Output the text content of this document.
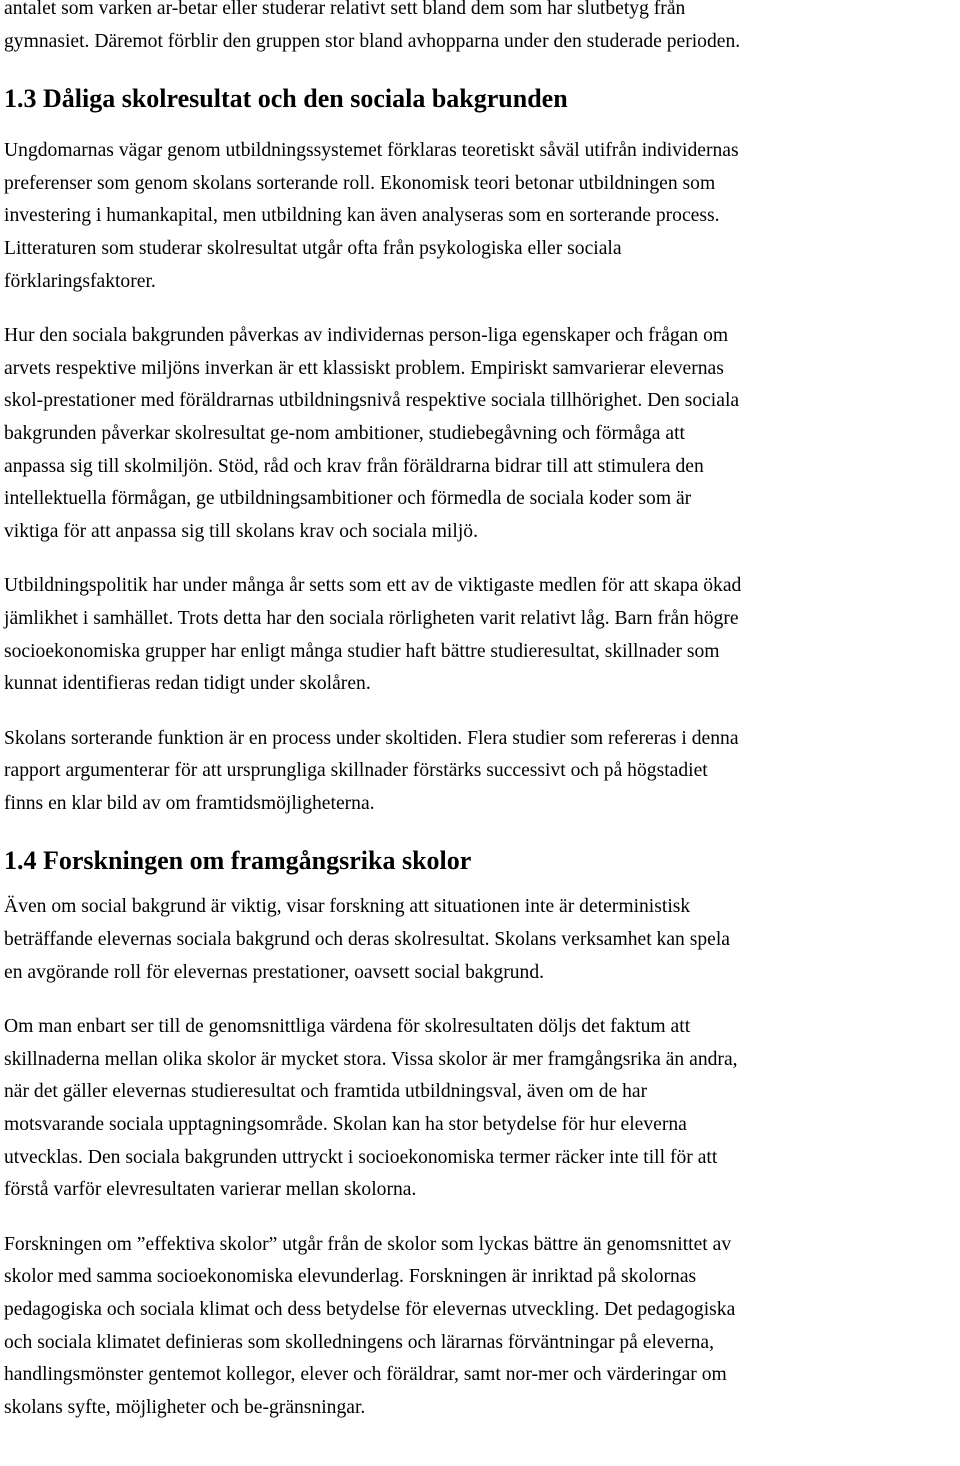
antalet som varken ar-betar eller studerar relativt sett bland dem som har slutbetyg från
gymnasiet. Däremot förblir den gruppen stor bland avhopparna under den studerade perioden.

1.3 Dåliga skolresultat och den sociala bakgrunden

Ungdomarnas vägar genom utbildningssystemet förklaras teoretiskt såväl utifrån individernas
preferenser som genom skolans sorterande roll. Ekonomisk teori betonar utbildningen som
investering i humankapital, men utbildning kan även analyseras som en sorterande process.
Litteraturen som studerar skolresultat utgår ofta från psykologiska eller sociala
förklaringsfaktorer.

Hur den sociala bakgrunden påverkas av individernas person-liga egenskaper och frågan om
arvets respektive miljöns inverkan är ett klassiskt problem. Empiriskt samvarierar elevernas
skol-prestationer med föräldrarnas utbildningsnivå respektive sociala tillhörighet. Den sociala
bakgrunden påverkar skolresultat ge-nom ambitioner, studiebegåvning och förmåga att
anpassa sig till skolmiljön. Stöd, råd och krav från föräldrarna bidrar till att stimulera den
intellektuella förmågan, ge utbildningsambitioner och förmedla de sociala koder som är
viktiga för att anpassa sig till skolans krav och sociala miljö.

Utbildningspolitik har under många år setts som ett av de viktigaste medlen för att skapa ökad
jämlikhet i samhället. Trots detta har den sociala rörligheten varit relativt låg. Barn från högre
socioekonomiska grupper har enligt många studier haft bättre studieresultat, skillnader som
kunnat identifieras redan tidigt under skolåren.

Skolans sorterande funktion är en process under skoltiden. Flera studier som refereras i denna
rapport argumenterar för att ursprungliga skillnader förstärks successivt och på högstadiet
finns en klar bild av om framtidsmöjligheterna.

1.4 Forskningen om framgångsrika skolor

Även om social bakgrund är viktig, visar forskning att situationen inte är deterministisk
beträffande elevernas sociala bakgrund och deras skolresultat. Skolans verksamhet kan spela
en avgörande roll för elevernas prestationer, oavsett social bakgrund.

Om man enbart ser till de genomsnittliga värdena för skolresultaten döljs det faktum att
skillnaderna mellan olika skolor är mycket stora. Vissa skolor är mer framgångsrika än andra,
när det gäller elevernas studieresultat och framtida utbildningsval, även om de har
motsvarande sociala upptagningsområde. Skolan kan ha stor betydelse för hur eleverna
utvecklas. Den sociala bakgrunden uttryckt i socioekonomiska termer räcker inte till för att
förstå varför elevresultaten varierar mellan skolorna.

Forskningen om ”effektiva skolor” utgår från de skolor som lyckas bättre än genomsnittet av
skolor med samma socioekonomiska elevunderlag. Forskningen är inriktad på skolornas
pedagogiska och sociala klimat och dess betydelse för elevernas utveckling. Det pedagogiska
och sociala klimatet definieras som skolledningens och lärarnas förväntningar på eleverna,
handlingsmönster gentemot kollegor, elever och föräldrar, samt nor-mer och värderingar om
skolans syfte, möjligheter och be-gränsningar.
